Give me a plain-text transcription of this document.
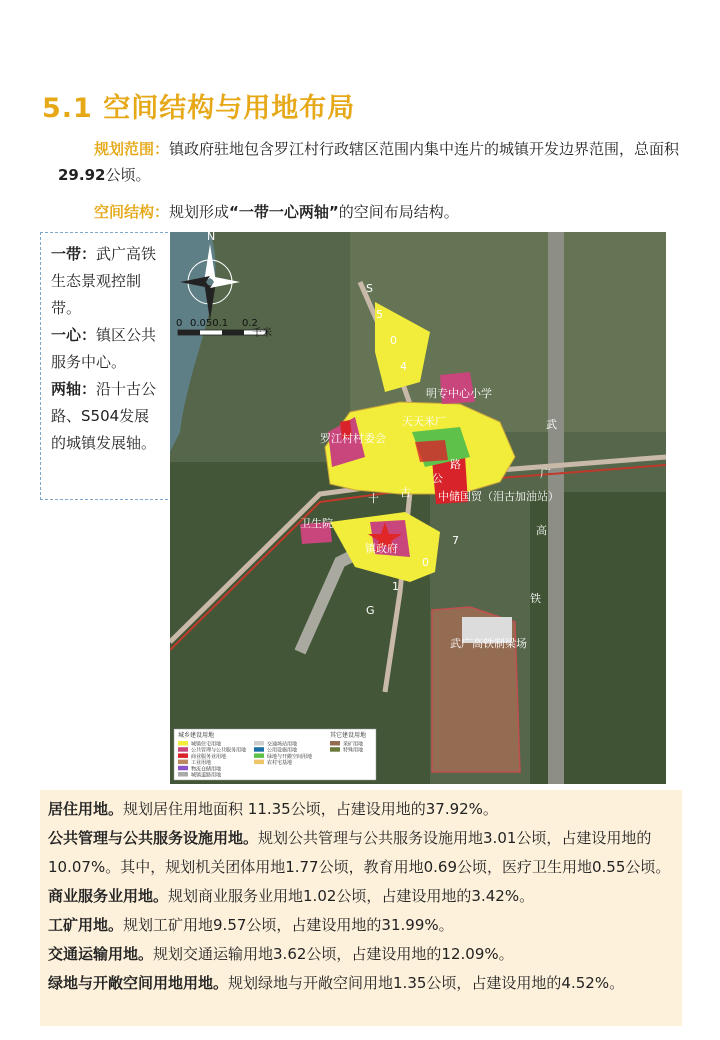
5.1 空间结构与用地布局
规划范围：镇政府驻地包含罗江村行政辖区范围内集中连片的城镇开发边界范围，总面积29.92公顷。
空间结构：规划形成“一带一心两轴”的空间布局结构。
一带：武广高铁生态景观控制带。
一心：镇区公共服务中心。
两轴：沿十古公路、S504发展的城镇发展轴。
N
0 0.050.1 0.2
千米
明专中心小学
天天米厂
罗江村村委会
卫生院
镇政府
中储国贸（泪古加油站）
武广高铁制梁场
S
5
0
4
十 古
公
路
G
1
0
7
武
广
高
铁
城乡建设用地	其它建设用地
城镇住宅用地
公共管理与公共服务用地
商业服务业用地
工业用地
物流仓储用地
城镇道路用地
交通场站用地
公用设施用地
绿地与开敞空间用地
农村宅基地
采矿用地
特殊用地

居住用地。规划居住用地面积 11.35公顷，占建设用地的37.92%。

公共管理与公共服务设施用地。规划公共管理与公共服务设施用地3.01公顷，占建设用地的10.07%。其中，规划机关团体用地1.77公顷，教育用地0.69公顷，医疗卫生用地0.55公顷。

商业服务业用地。规划商业服务业用地1.02公顷，占建设用地的3.42%。

工矿用地。规划工矿用地9.57公顷，占建设用地的31.99%。

交通运输用地。规划交通运输用地3.62公顷，占建设用地的12.09%。

绿地与开敞空间用地用地。规划绿地与开敞空间用地1.35公顷，占建设用地的4.52%。
